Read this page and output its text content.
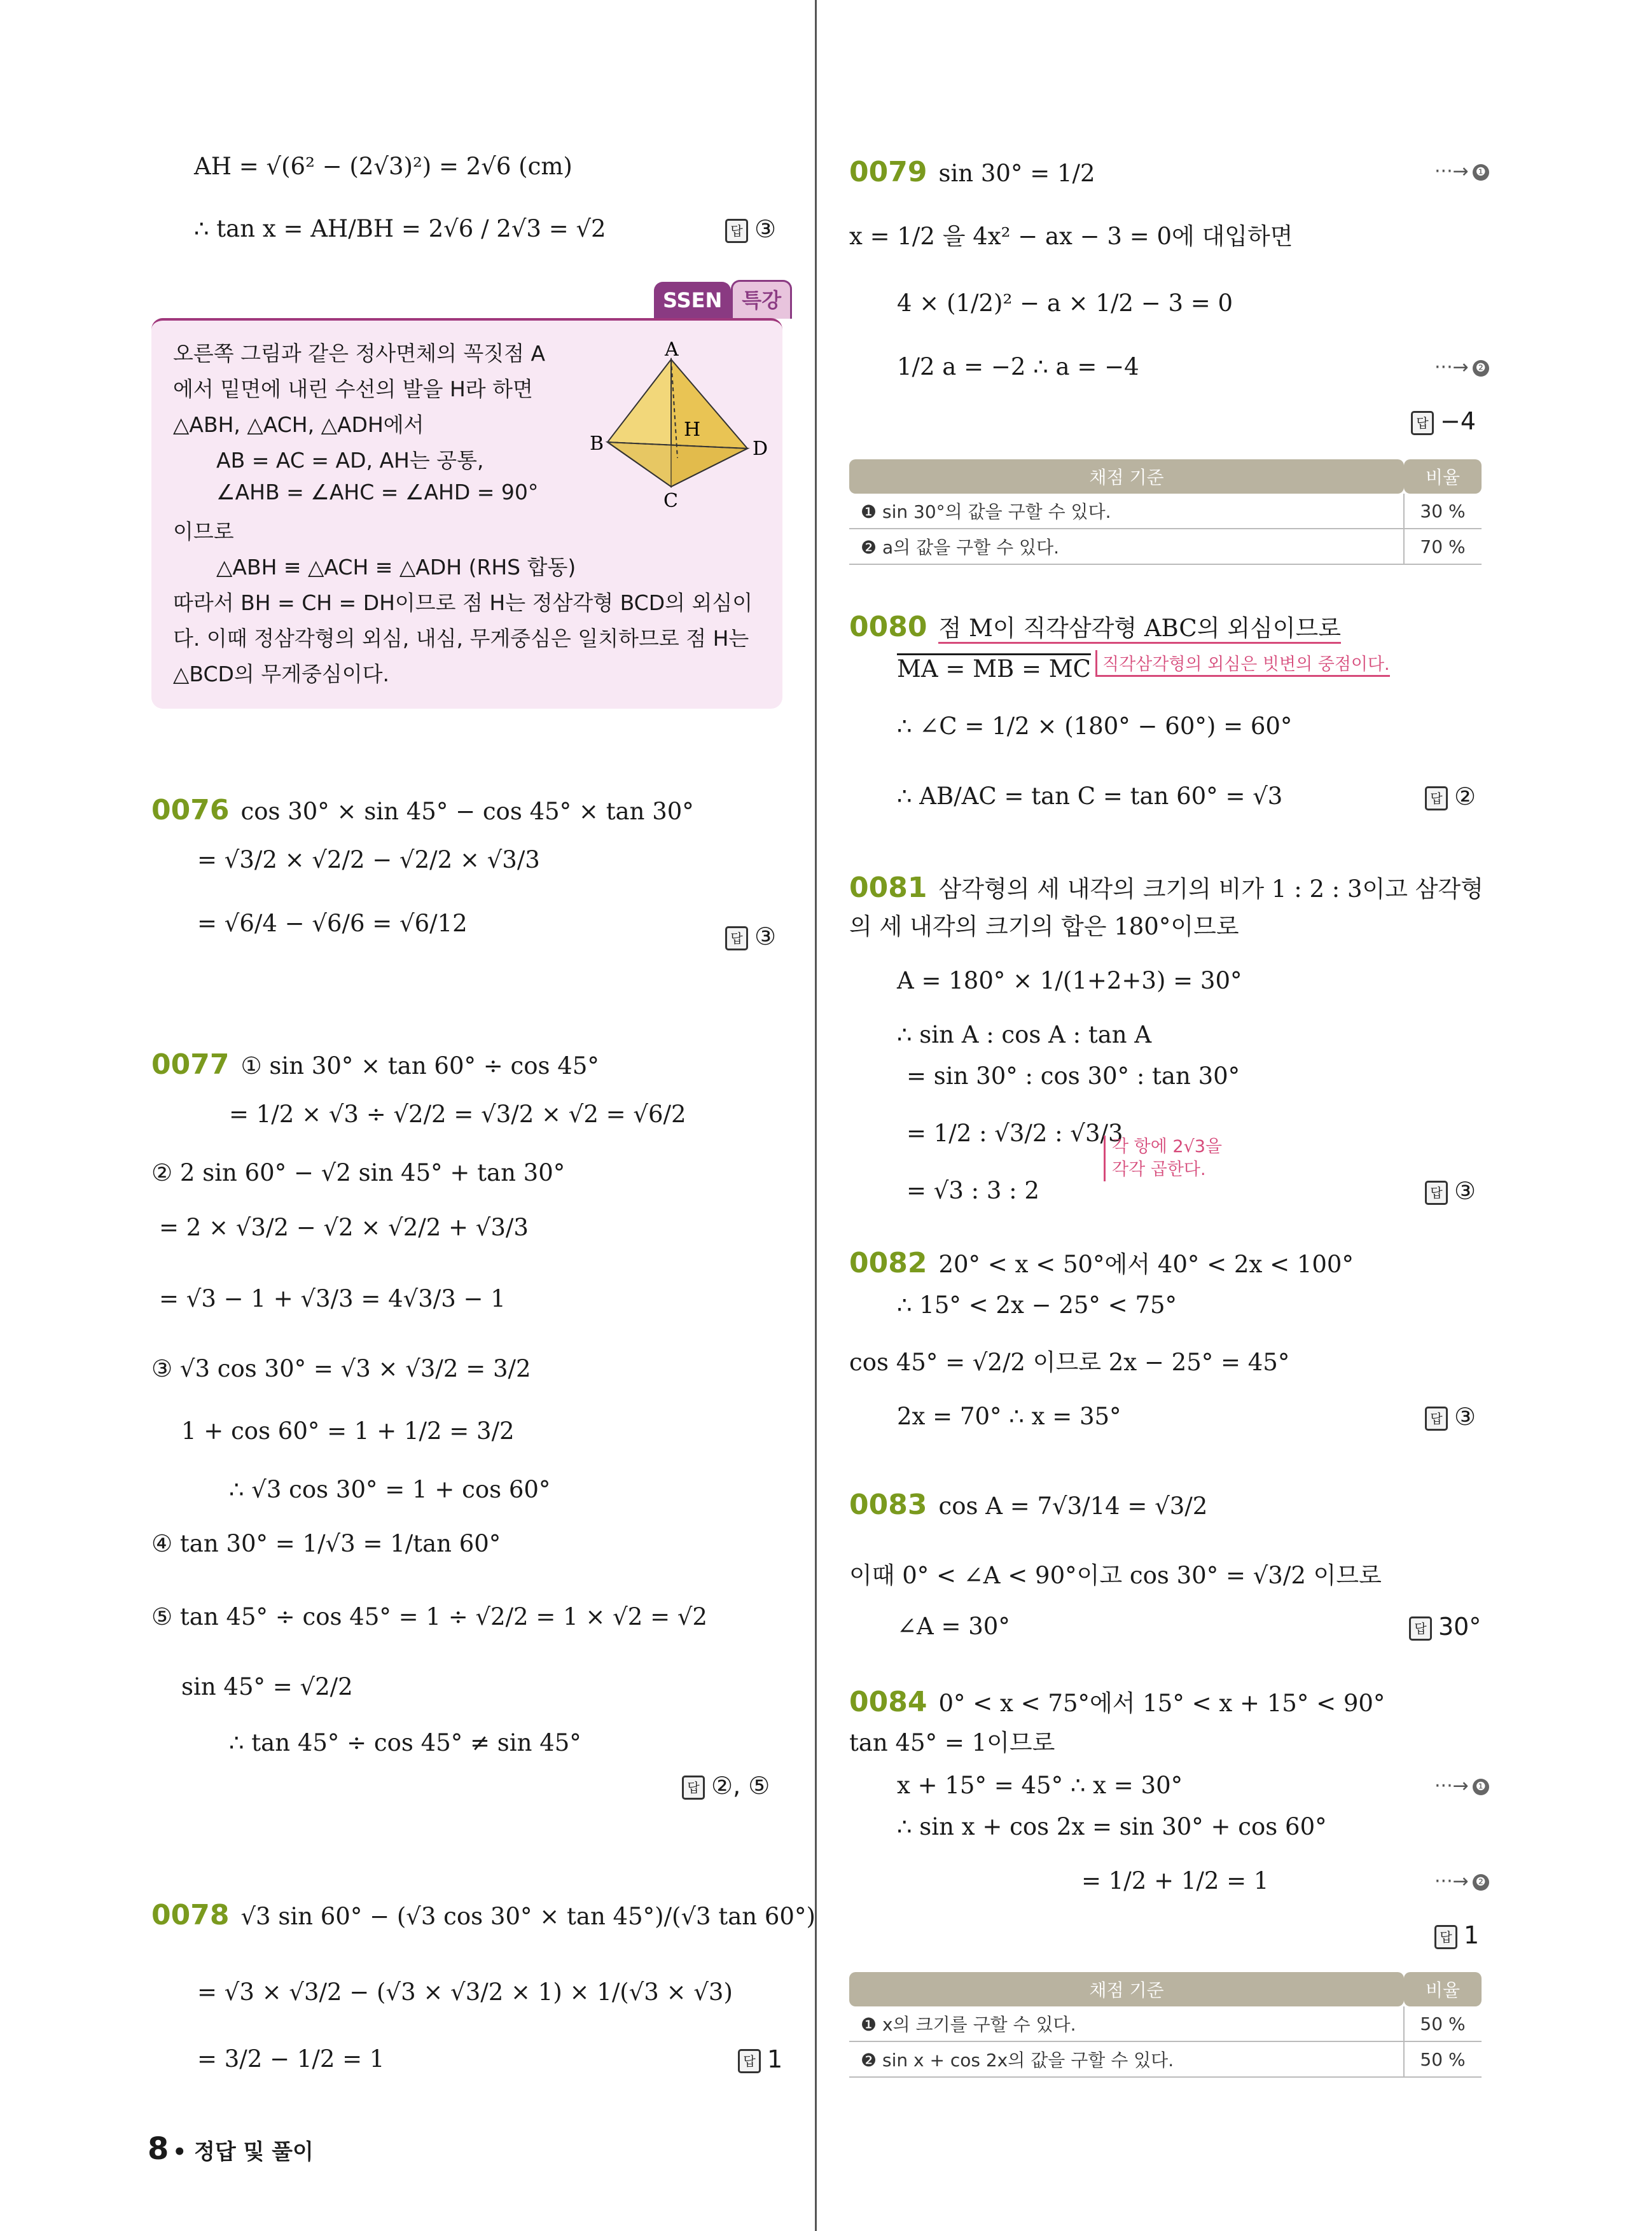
AH = √(6² − (2√3)²) = 2√6 (cm)
∴ tan x = AH/BH = 2√6 / 2√3 = √2	답 ③
SSEN 특강
오른쪽 그림과 같은 정사면체의 꼭짓점 A
에서 밑면에 내린 수선의 발을 H라 하면
△ABH, △ACH, △ADH에서
AB = AC = AD, AH는 공통,
∠AHB = ∠AHC = ∠AHD = 90°
이므로
△ABH ≡ △ACH ≡ △ADH (RHS 합동)
따라서 BH = CH = DH이므로 점 H는 정삼각형 BCD의 외심이
다. 이때 정삼각형의 외심, 내심, 무게중심은 일치하므로 점 H는
△BCD의 무게중심이다.
A
B
C
D
H
0076 cos 30° × sin 45° − cos 45° × tan 30°
= √3/2 × √2/2 − √2/2 × √3/3
= √6/4 − √6/6 = √6/12
답 ③
0077 ① sin 30° × tan 60° ÷ cos 45°
= 1/2 × √3 ÷ √2/2 = √3/2 × √2 = √6/2
② 2 sin 60° − √2 sin 45° + tan 30°
= 2 × √3/2 − √2 × √2/2 + √3/3
= √3 − 1 + √3/3 = 4√3/3 − 1
③ √3 cos 30° = √3 × √3/2 = 3/2
1 + cos 60° = 1 + 1/2 = 3/2
∴ √3 cos 30° = 1 + cos 60°
④ tan 30° = 1/√3 = 1/tan 60°
⑤ tan 45° ÷ cos 45° = 1 ÷ √2/2 = 1 × √2 = √2
sin 45° = √2/2
∴ tan 45° ÷ cos 45° ≠ sin 45°
답 ②, ⑤
0078 √3 sin 60° − (√3 cos 30° × tan 45°)/(√3 tan 60°)
= √3 × √3/2 − (√3 × √3/2 × 1) × 1/(√3 × √3)
= 3/2 − 1/2 = 1	답 1
8 • 정답 및 풀이
0079 sin 30° = 1/2	···→ ❶
x = 1/2 을 4x² − ax − 3 = 0에 대입하면
4 × (1/2)² − a × 1/2 − 3 = 0
1/2 a = −2 ∴ a = −4	···→ ❷
답 −4
채점 기준	비율
❶ sin 30°의 값을 구할 수 있다.	30 %
❷ a의 값을 구할 수 있다.	70 %
0080 점 M이 직각삼각형 ABC의 외심이므로
MA = MB = MC 직각삼각형의 외심은 빗변의 중점이다.
∴ ∠C = 1/2 × (180° − 60°) = 60°
∴ AB/AC = tan C = tan 60° = √3	답 ②
0081 삼각형의 세 내각의 크기의 비가 1 : 2 : 3이고 삼각형
의 세 내각의 크기의 합은 180°이므로
A = 180° × 1/(1+2+3) = 30°
∴ sin A : cos A : tan A
= sin 30° : cos 30° : tan 30°
= 1/2 : √3/2 : √3/3
= √3 : 3 : 2
각 항에 2√3을 각각 곱한다.
답 ③
0082 20° < x < 50°에서 40° < 2x < 100°
∴ 15° < 2x − 25° < 75°
cos 45° = √2/2 이므로 2x − 25° = 45°
2x = 70° ∴ x = 35°	답 ③
0083 cos A = 7√3/14 = √3/2
이때 0° < ∠A < 90°이고 cos 30° = √3/2 이므로
∠A = 30°	답 30°
0084 0° < x < 75°에서 15° < x + 15° < 90°
tan 45° = 1이므로
x + 15° = 45° ∴ x = 30°	···→ ❶
∴ sin x + cos 2x = sin 30° + cos 60°
= 1/2 + 1/2 = 1	···→ ❷
답 1
채점 기준	비율
❶ x의 크기를 구할 수 있다.	50 %
❷ sin x + cos 2x의 값을 구할 수 있다.	50 %
